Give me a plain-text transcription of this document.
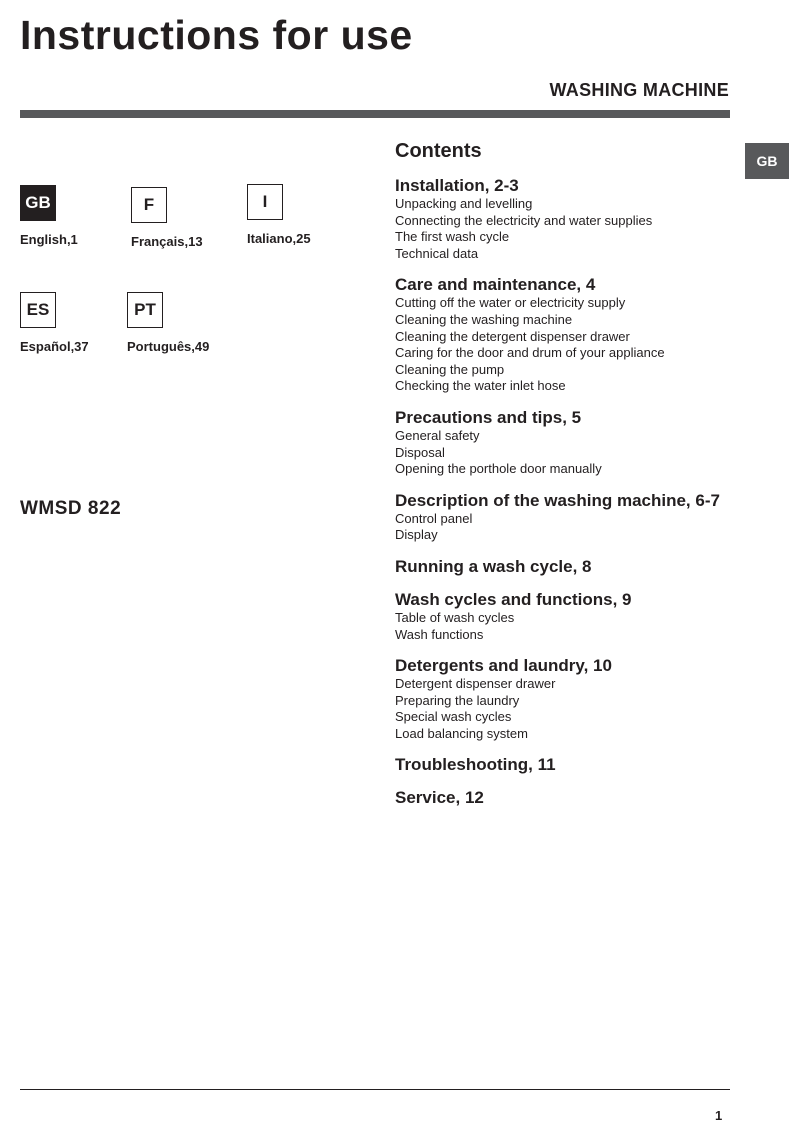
Instructions for use
WASHING MACHINE
GB
GB
English,1
F
Français,13
I
Italiano,25
ES
Español,37
PT
Português,49
WMSD 822
Contents
Installation, 2-3
Unpacking and levelling
Connecting the electricity and water supplies
The first wash cycle
Technical data
Care and maintenance, 4
Cutting off the water or electricity supply
Cleaning the washing machine
Cleaning the detergent dispenser drawer
Caring for the door and drum of your appliance
Cleaning the pump
Checking the water inlet hose
Precautions and tips, 5
General safety
Disposal
Opening the porthole door manually
Description of the washing machine, 6-7
Control panel
Display
Running a wash cycle, 8
Wash cycles and functions, 9
Table of wash cycles
Wash functions
Detergents and laundry, 10
Detergent dispenser drawer
Preparing the laundry
Special wash cycles
Load balancing system
Troubleshooting, 11
Service, 12
1
